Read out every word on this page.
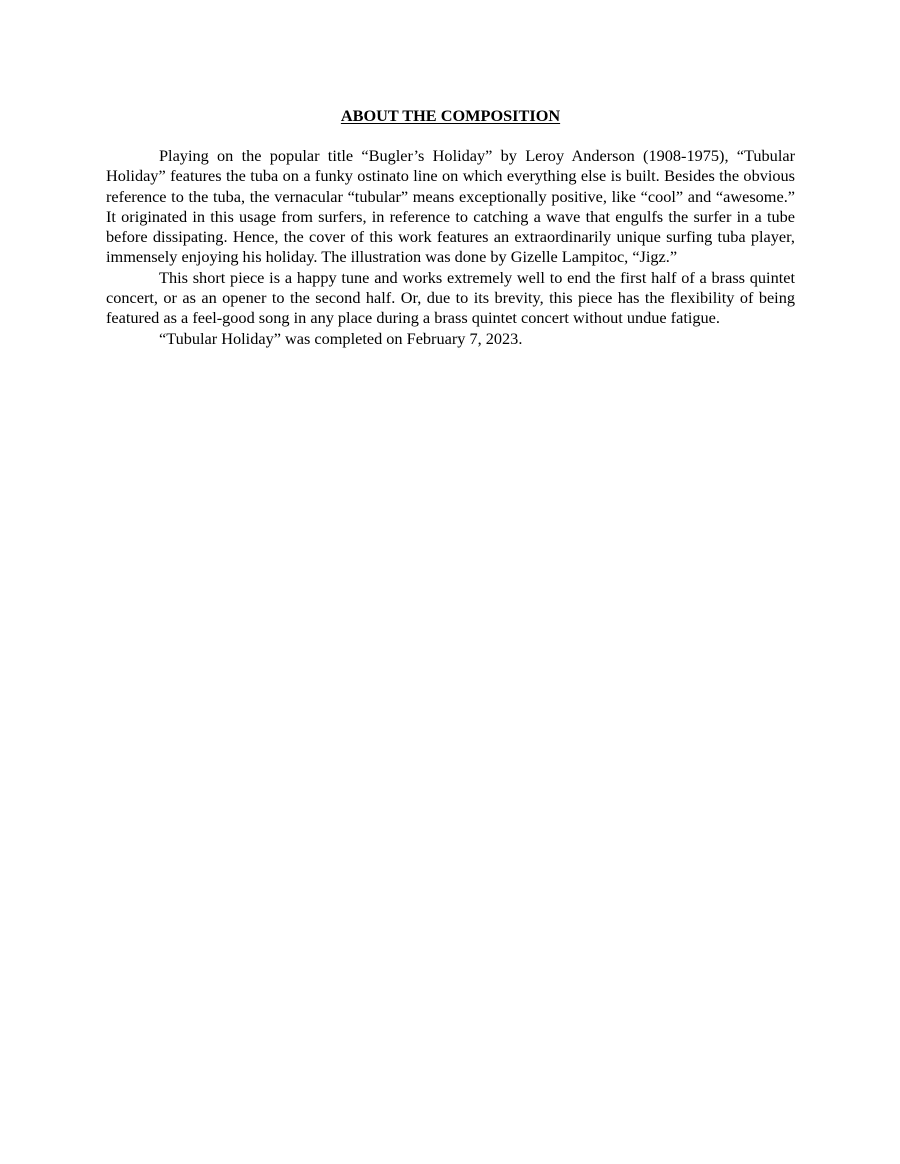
ABOUT THE COMPOSITION

Playing on the popular title “Bugler’s Holiday” by Leroy Anderson (1908-1975), “Tubular Holiday” features the tuba on a funky ostinato line on which everything else is built. Besides the obvious reference to the tuba, the vernacular “tubular” means exceptionally positive, like “cool” and “awesome.” It originated in this usage from surfers, in reference to catching a wave that engulfs the surfer in a tube before dissipating. Hence, the cover of this work features an extraordinarily unique surfing tuba player, immensely enjoying his holiday. The illustration was done by Gizelle Lampitoc, “Jigz.”

This short piece is a happy tune and works extremely well to end the first half of a brass quintet concert, or as an opener to the second half. Or, due to its brevity, this piece has the flexibility of being featured as a feel-good song in any place during a brass quintet concert without undue fatigue.

“Tubular Holiday” was completed on February 7, 2023.
